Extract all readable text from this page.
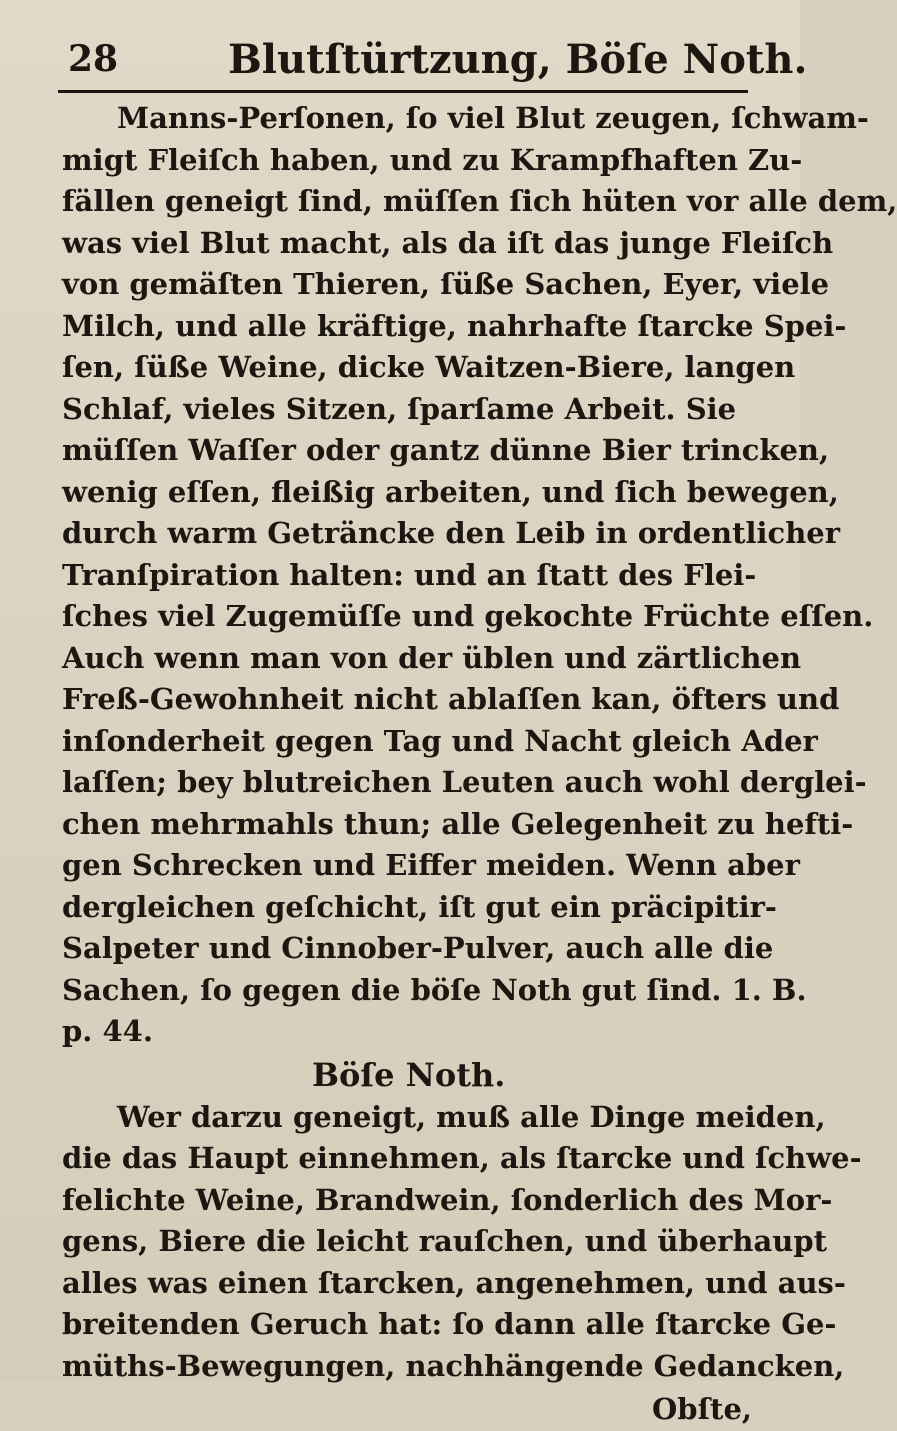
28	Blutſtürtzung, Böſe Noth.
Manns-Perſonen, ſo viel Blut zeugen, ſchwam-
migt Fleiſch haben, und zu Krampfhaften Zu-
fällen geneigt ſind, müſſen ſich hüten vor alle dem,
was viel Blut macht, als da iſt das junge Fleiſch
von gemäſten Thieren, ſüße Sachen, Eyer, viele
Milch, und alle kräftige, nahrhafte ſtarcke Spei-
ſen, ſüße Weine, dicke Waitzen-Biere, langen
Schlaf, vieles Sitzen, ſparſame Arbeit. Sie
müſſen Waſſer oder gantz dünne Bier trincken,
wenig eſſen, fleißig arbeiten, und ſich bewegen,
durch warm Geträncke den Leib in ordentlicher
Tranſpiration halten: und an ſtatt des Flei-
ſches viel Zugemüſſe und gekochte Früchte eſſen.
Auch wenn man von der üblen und zärtlichen
Freß-Gewohnheit nicht ablaſſen kan, öfters und
inſonderheit gegen Tag und Nacht gleich Ader
laſſen; bey blutreichen Leuten auch wohl derglei-
chen mehrmahls thun; alle Gelegenheit zu hefti-
gen Schrecken und Eiffer meiden. Wenn aber
dergleichen geſchicht, iſt gut ein präcipitir-
Salpeter und Cinnober-Pulver, auch alle die
Sachen, ſo gegen die böſe Noth gut ſind. 1. B.
p. 44.
Böſe Noth.
Wer darzu geneigt, muß alle Dinge meiden,
die das Haupt einnehmen, als ſtarcke und ſchwe-
felichte Weine, Brandwein, ſonderlich des Mor-
gens, Biere die leicht rauſchen, und überhaupt
alles was einen ſtarcken, angenehmen, und aus-
breitenden Geruch hat: ſo dann alle ſtarcke Ge-
müths-Bewegungen, nachhängende Gedancken,
Obſte,
